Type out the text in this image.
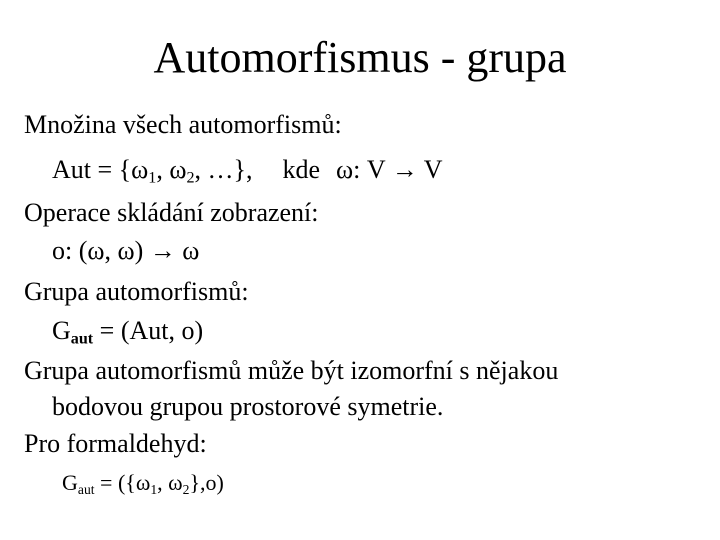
Automorfismus - grupa
Množina všech automorfismů:
Aut = {$\omega_1$, $\omega_2$, …}, kde ω: V → V
Operace skládání zobrazení:
o: (ω, ω) → ω
Grupa automorfismů:
$G_{aut} = (Aut$, o)
Grupa automorfismů může být izomorfní s nějakou
bodovou grupou prostorové symetrie.
Pro formaldehyd:
$G_{aut} = (\{\omega_1$, $\omega_2\},o$)
